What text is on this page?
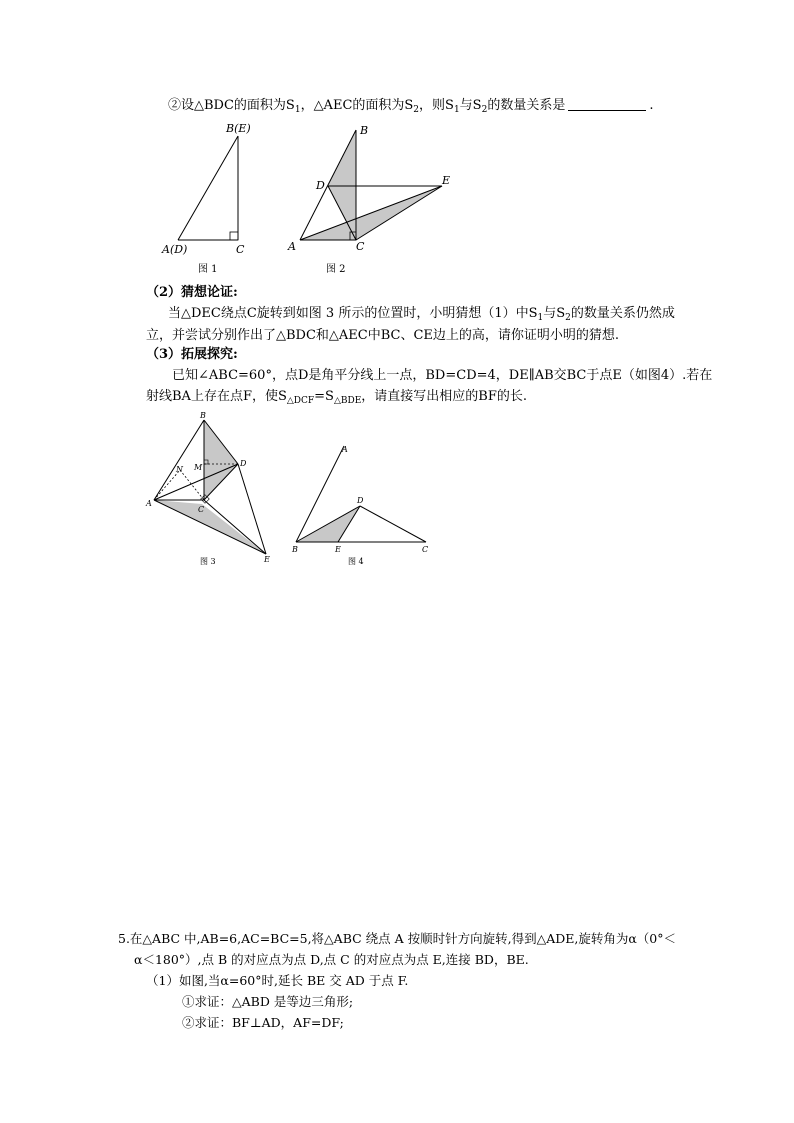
②设△BDC的面积为$S_1$，△AEC的面积为$S_2$，则$S_1$与$S_2$的数量关系是	.
B(E)
A(D)	C
图 1
B
D	E
A	C
图 2
（2）猜想论证:
当△DEC绕点C旋转到如图 3 所示的位置时，小明猜想（1）中$S_1$与$S_2$的数量关系仍然成
立，并尝试分别作出了△BDC和△AEC中BC、CE边上的高，请你证明小明的猜想.
（3）拓展探究:
已知∠ABC=60°，点D是角平分线上一点，BD=CD=4，DE∥AB交BC于点E（如图4）.若在
射线BA上存在点F，使$S_{\triangle DCF}=S_{\triangle BDE}$，请直接写出相应的BF的长.
B
M	D
N
A
C
E
图 3
A
D
B	E	C
图 4
5.在△ABC 中,AB=6,AC=BC=5,将△ABC 绕点 A 按顺时针方向旋转,得到△ADE,旋转角为α（0°＜
α＜180°）,点 B 的对应点为点 D,点 C 的对应点为点 E,连接 BD，BE.
（1）如图,当α=60°时,延长 BE 交 AD 于点 F.
①求证：△ABD 是等边三角形;
②求证：BF⊥AD，AF=DF;
